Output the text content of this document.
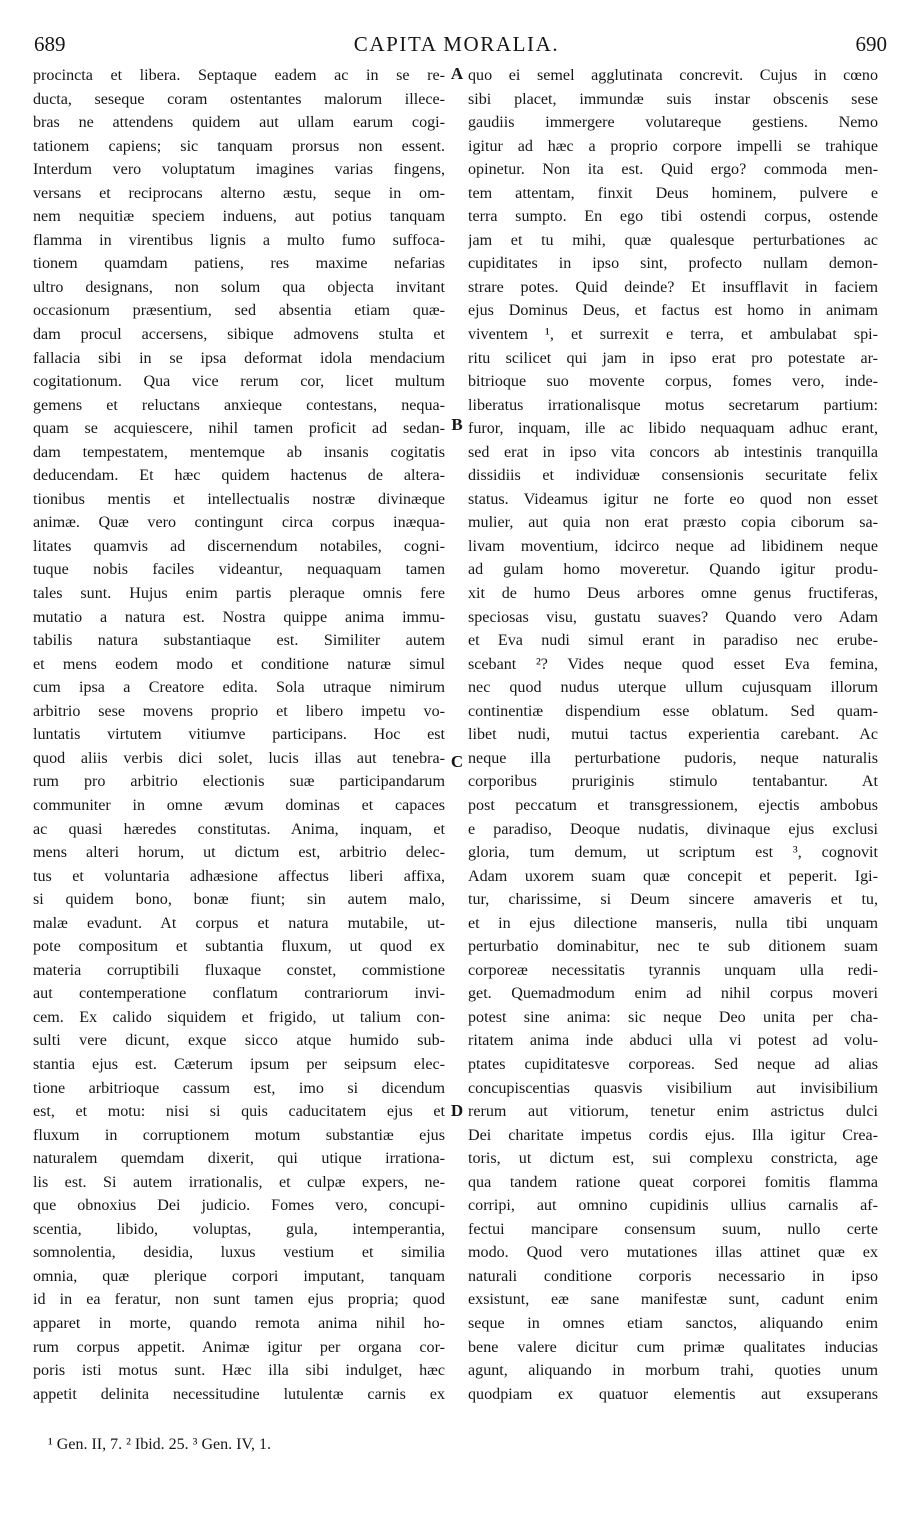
689	CAPITA MORALIA.	690
procincta et libera. Septaque eadem ac in se re-
ducta, seseque coram ostentantes malorum illece-
bras ne attendens quidem aut ullam earum cogi-
tationem capiens; sic tanquam prorsus non essent.
Interdum vero voluptatum imagines varias fingens,
versans et reciprocans alterno æstu, seque in om-
nem nequitiæ speciem induens, aut potius tanquam
flamma in virentibus lignis a multo fumo suffoca-
tionem quamdam patiens, res maxime nefarias
ultro designans, non solum qua objecta invitant
occasionum præsentium, sed absentia etiam quæ-
dam procul accersens, sibique admovens stulta et
fallacia sibi in se ipsa deformat idola mendacium
cogitationum. Qua vice rerum cor, licet multum
gemens et reluctans anxieque contestans, nequa-
quam se acquiescere, nihil tamen proficit ad sedan-
dam tempestatem, mentemque ab insanis cogitatis
deducendam. Et hæc quidem hactenus de altera-
tionibus mentis et intellectualis nostræ divinæque
animæ. Quæ vero contingunt circa corpus inæqua-
litates quamvis ad discernendum notabiles, cogni-
tuque nobis faciles videantur, nequaquam tamen
tales sunt. Hujus enim partis pleraque omnis fere
mutatio a natura est. Nostra quippe anima immu-
tabilis natura substantiaque est. Similiter autem
et mens eodem modo et conditione naturæ simul
cum ipsa a Creatore edita. Sola utraque nimirum
arbitrio sese movens proprio et libero impetu vo-
luntatis virtutem vitiumve participans. Hoc est
quod aliis verbis dici solet, lucis illas aut tenebra-
rum pro arbitrio electionis suæ participandarum
communiter in omne ævum dominas et capaces
ac quasi hæredes constitutas. Anima, inquam, et
mens alteri horum, ut dictum est, arbitrio delec-
tus et voluntaria adhæsione affectus liberi affixa,
si quidem bono, bonæ fiunt; sin autem malo,
malæ evadunt. At corpus et natura mutabile, ut-
pote compositum et subtantia fluxum, ut quod ex
materia corruptibili fluxaque constet, commistione
aut contemperatione conflatum contrariorum invi-
cem. Ex calido siquidem et frigido, ut talium con-
sulti vere dicunt, exque sicco atque humido sub-
stantia ejus est. Cæterum ipsum per seipsum elec-
tione arbitrioque cassum est, imo si dicendum
est, et motu: nisi si quis caducitatem ejus et
fluxum in corruptionem motum substantiæ ejus
naturalem quemdam dixerit, qui utique irrationa-
lis est. Si autem irrationalis, et culpæ expers, ne-
que obnoxius Dei judicio. Fomes vero, concupi-
scentia, libido, voluptas, gula, intemperantia,
somnolentia, desidia, luxus vestium et similia
omnia, quæ plerique corpori imputant, tanquam
id in ea feratur, non sunt tamen ejus propria; quod
apparet in morte, quando remota anima nihil ho-
rum corpus appetit. Animæ igitur per organa cor-
poris isti motus sunt. Hæc illa sibi indulget, hæc
appetit delinita necessitudine lutulentæ carnis ex
quo ei semel agglutinata concrevit. Cujus in cœno
sibi placet, immundæ suis instar obscenis sese
gaudiis immergere volutareque gestiens. Nemo
igitur ad hæc a proprio corpore impelli se trahique
opinetur. Non ita est. Quid ergo? commoda men-
tem attentam, finxit Deus hominem, pulvere e
terra sumpto. En ego tibi ostendi corpus, ostende
jam et tu mihi, quæ qualesque perturbationes ac
cupiditates in ipso sint, profecto nullam demon-
strare potes. Quid deinde? Et insufflavit in faciem
ejus Dominus Deus, et factus est homo in animam
viventem ¹, et surrexit e terra, et ambulabat spi-
ritu scilicet qui jam in ipso erat pro potestate ar-
bitrioque suo movente corpus, fomes vero, inde-
liberatus irrationalisque motus secretarum partium:
furor, inquam, ille ac libido nequaquam adhuc erant,
sed erat in ipso vita concors ab intestinis tranquilla
dissidiis et individuæ consensionis securitate felix
status. Videamus igitur ne forte eo quod non esset
mulier, aut quia non erat præsto copia ciborum sa-
livam moventium, idcirco neque ad libidinem neque
ad gulam homo moveretur. Quando igitur produ-
xit de humo Deus arbores omne genus fructiferas,
speciosas visu, gustatu suaves? Quando vero Adam
et Eva nudi simul erant in paradiso nec erube-
scebant ²? Vides neque quod esset Eva femina,
nec quod nudus uterque ullum cujusquam illorum
continentiæ dispendium esse oblatum. Sed quam-
libet nudi, mutui tactus experientia carebant. Ac
neque illa perturbatione pudoris, neque naturalis
corporibus pruriginis stimulo tentabantur. At
post peccatum et transgressionem, ejectis ambobus
e paradiso, Deoque nudatis, divinaque ejus exclusi
gloria, tum demum, ut scriptum est ³, cognovit
Adam uxorem suam quæ concepit et peperit. Igi-
tur, charissime, si Deum sincere amaveris et tu,
et in ejus dilectione manseris, nulla tibi unquam
perturbatio dominabitur, nec te sub ditionem suam
corporeæ necessitatis tyrannis unquam ulla redi-
get. Quemadmodum enim ad nihil corpus moveri
potest sine anima: sic neque Deo unita per cha-
ritatem anima inde abduci ulla vi potest ad volu-
ptates cupiditatesve corporeas. Sed neque ad alias
concupiscentias quasvis visibilium aut invisibilium
rerum aut vitiorum, tenetur enim astrictus dulci
Dei charitate impetus cordis ejus. Illa igitur Crea-
toris, ut dictum est, sui complexu constricta, age
qua tandem ratione queat corporei fomitis flamma
corripi, aut omnino cupidinis ullius carnalis af-
fectui mancipare consensum suum, nullo certe
modo. Quod vero mutationes illas attinet quæ ex
naturali conditione corporis necessario in ipso
exsistunt, eæ sane manifestæ sunt, cadunt enim
seque in omnes etiam sanctos, aliquando enim
bene valere dicitur cum primæ qualitates inducias
agunt, aliquando in morbum trahi, quoties unum
quodpiam ex quatuor elementis aut exsuperans
A
B
C
D
¹ Gen. II, 7. ² Ibid. 25. ³ Gen. IV, 1.
